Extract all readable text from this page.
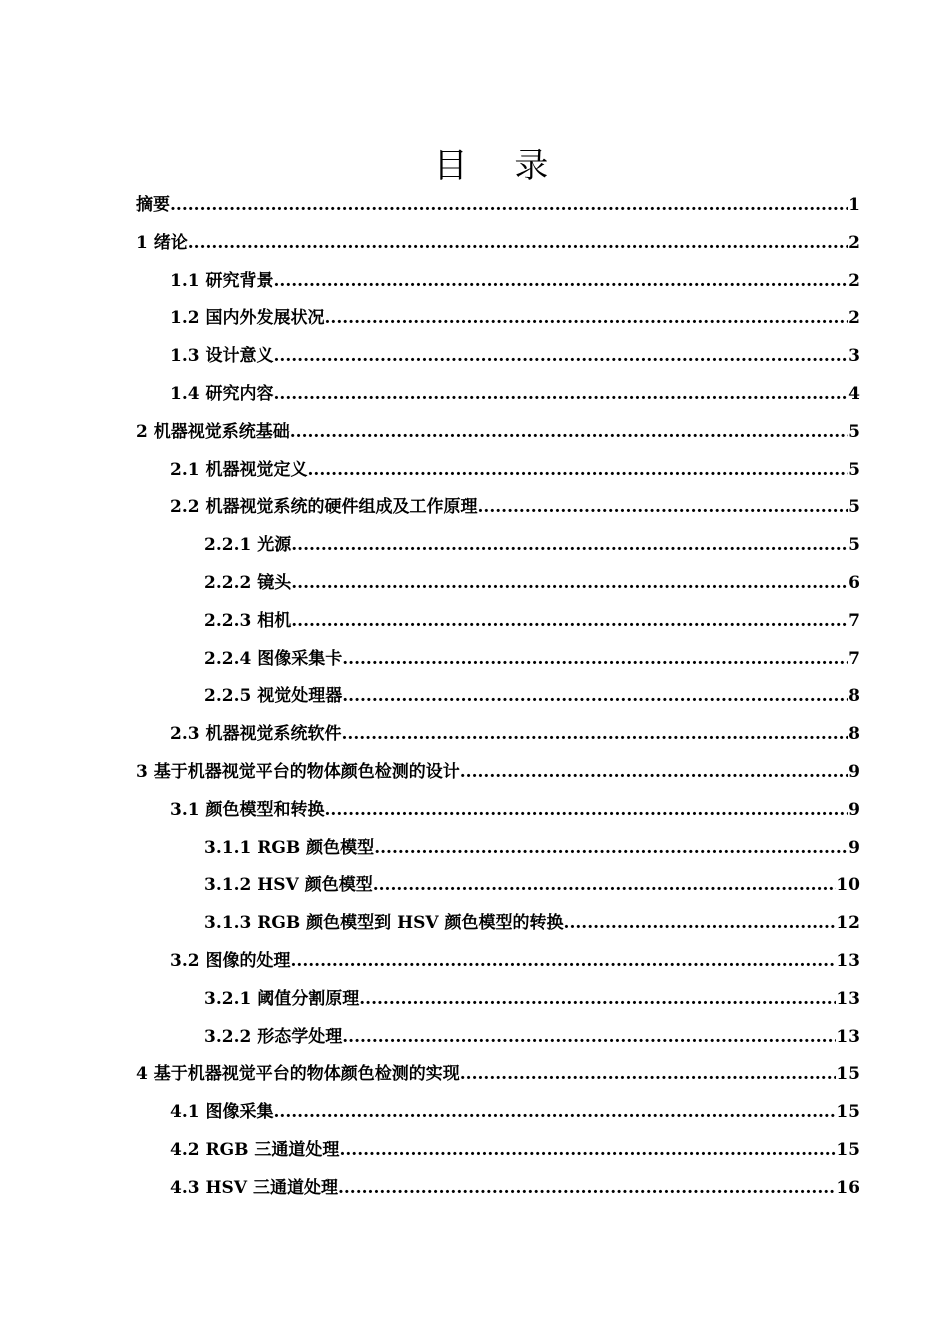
目 录
摘要 .....	1
1 绪论 .....	2
1.1 研究背景 .....	2
1.2 国内外发展状况 .....	2
1.3 设计意义 .....	3
1.4 研究内容 .....	4
2 机器视觉系统基础 .....	5
2.1 机器视觉定义 .....	5
2.2 机器视觉系统的硬件组成及工作原理 .....	5
2.2.1 光源 .....	5
2.2.2 镜头 .....	6
2.2.3 相机 .....	7
2.2.4 图像采集卡 .....	7
2.2.5 视觉处理器 .....	8
2.3 机器视觉系统软件 .....	8
3 基于机器视觉平台的物体颜色检测的设计 .....	9
3.1 颜色模型和转换 .....	9
3.1.1 RGB 颜色模型 .....	9
3.1.2 HSV 颜色模型 .....	10
3.1.3 RGB 颜色模型到 HSV 颜色模型的转换 .....	12
3.2 图像的处理 .....	13
3.2.1 阈值分割原理 .....	13
3.2.2 形态学处理 .....	13
4 基于机器视觉平台的物体颜色检测的实现 .....	15
4.1 图像采集 .....	15
4.2 RGB 三通道处理 .....	15
4.3 HSV 三通道处理 .....	16
